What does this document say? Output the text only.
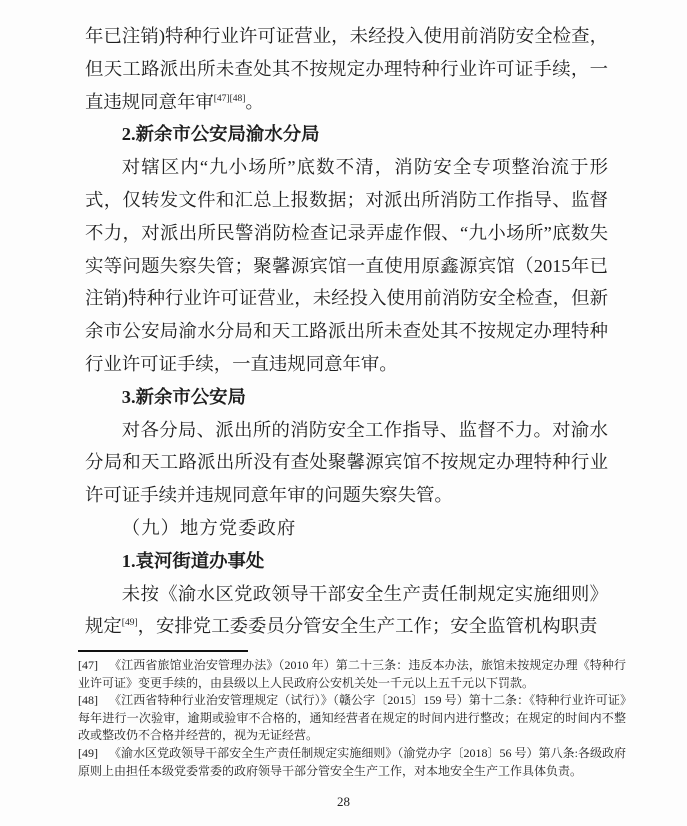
年已注销)特种行业许可证营业，未经投入使用前消防安全检查，但天工路派出所未查处其不按规定办理特种行业许可证手续，一直违规同意年审[47][48]。

2.新余市公安局渝水分局

对辖区内“九小场所”底数不清，消防安全专项整治流于形式，仅转发文件和汇总上报数据；对派出所消防工作指导、监督不力，对派出所民警消防检查记录弄虚作假、“九小场所”底数失实等问题失察失管；聚馨源宾馆一直使用原鑫源宾馆（2015年已注销)特种行业许可证营业，未经投入使用前消防安全检查，但新余市公安局渝水分局和天工路派出所未查处其不按规定办理特种行业许可证手续，一直违规同意年审。

3.新余市公安局

对各分局、派出所的消防安全工作指导、监督不力。对渝水分局和天工路派出所没有查处聚馨源宾馆不按规定办理特种行业许可证手续并违规同意年审的问题失察失管。

（九）地方党委政府

1.袁河街道办事处

未按《渝水区党政领导干部安全生产责任制规定实施细则》规定[49]，安排党工委委员分管安全生产工作；安全监管机构职责

[47] 《江西省旅馆业治安管理办法》（2010 年）第二十三条：违反本办法，旅馆未按规定办理《特种行业许可证》变更手续的，由县级以上人民政府公安机关处一千元以上五千元以下罚款。

[48] 《江西省特种行业治安管理规定（试行）》（赣公字〔2015〕159 号）第十二条：《特种行业许可证》每年进行一次验审，逾期或验审不合格的，通知经营者在规定的时间内进行整改；在规定的时间内不整改或整改仍不合格并经营的，视为无证经营。

[49] 《渝水区党政领导干部安全生产责任制规定实施细则》（渝党办字〔2018〕56 号）第八条:各级政府原则上由担任本级党委常委的政府领导干部分管安全生产工作，对本地安全生产工作具体负责。

28
